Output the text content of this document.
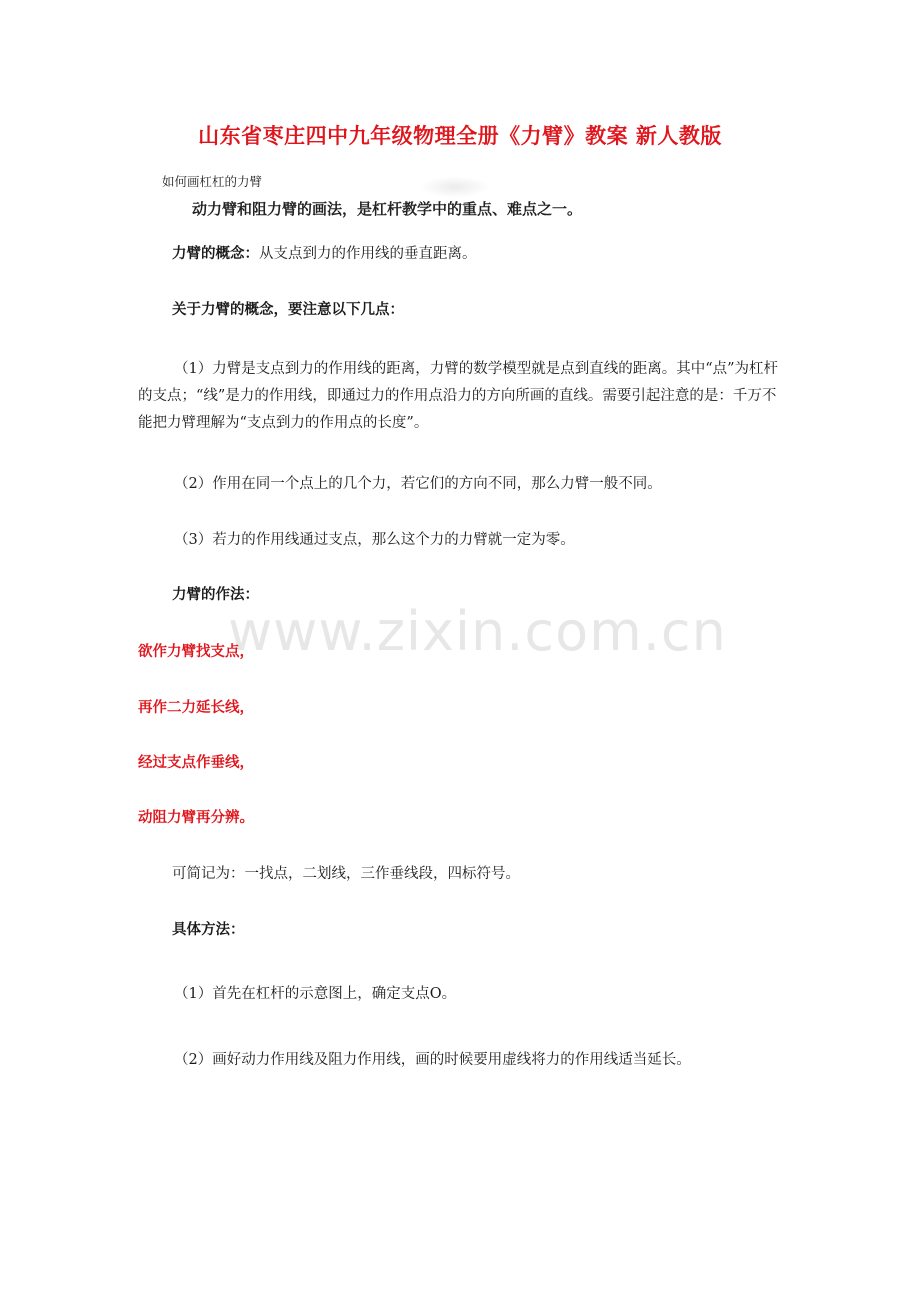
山东省枣庄四中九年级物理全册《力臂》教案 新人教版
如何画杠杠的力臂
动力臂和阻力臂的画法，是杠杆教学中的重点、难点之一。
力臂的概念：从支点到力的作用线的垂直距离。
关于力臂的概念，要注意以下几点：
（1）力臂是支点到力的作用线的距离，力臂的数学模型就是点到直线的距离。其中“点”为杠杆的支点；“线”是力的作用线，即通过力的作用点沿力的方向所画的直线。需要引起注意的是：千万不能把力臂理解为“支点到力的作用点的长度”。
（2）作用在同一个点上的几个力，若它们的方向不同，那么力臂一般不同。
（3）若力的作用线通过支点，那么这个力的力臂就一定为零。
力臂的作法：
www.zixin.com.cn
欲作力臂找支点，
再作二力延长线，
经过支点作垂线，
动阻力臂再分辨。
可简记为：一找点，二划线，三作垂线段，四标符号。
具体方法：
（1）首先在杠杆的示意图上，确定支点O。
（2）画好动力作用线及阻力作用线，画的时候要用虚线将力的作用线适当延长。
